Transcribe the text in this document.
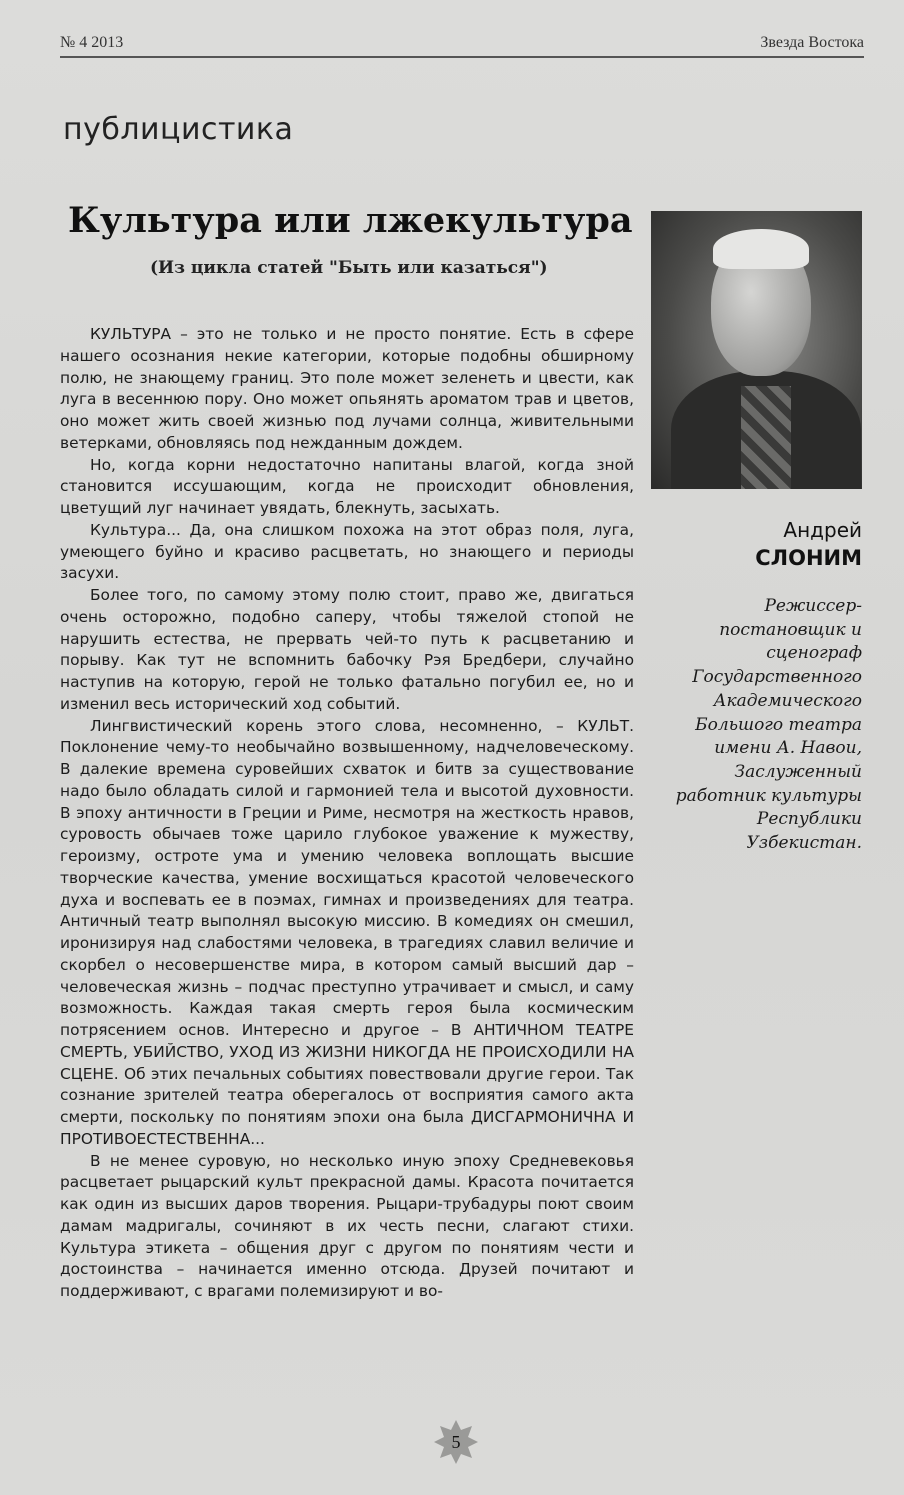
№ 4 2013	Звезда Востока
публицистика
Культура или лжекультура
(Из цикла статей "Быть или казаться")

КУЛЬТУРА – это не только и не просто понятие. Есть в сфере нашего осознания некие категории, которые подобны обширному полю, не знающему границ. Это поле может зеленеть и цвести, как луга в весеннюю пору. Оно может опьянять ароматом трав и цветов, оно может жить своей жизнью под лучами солнца, живительными ветерками, обновляясь под нежданным дождем.

Но, когда корни недостаточно напитаны влагой, когда зной становится иссушающим, когда не происходит обновления, цветущий луг начинает увядать, блекнуть, засыхать.

Культура... Да, она слишком похожа на этот образ поля, луга, умеющего буйно и красиво расцветать, но знающего и периоды засухи.

Более того, по самому этому полю стоит, право же, двигаться очень осторожно, подобно саперу, чтобы тяжелой стопой не нарушить естества, не прервать чей-то путь к расцветанию и порыву. Как тут не вспомнить бабочку Рэя Бредбери, случайно наступив на которую, герой не только фатально погубил ее, но и изменил весь исторический ход событий.

Лингвистический корень этого слова, несомненно, – КУЛЬТ. Поклонение чему-то необычайно возвышенному, надчеловеческому. В далекие времена суровейших схваток и битв за существование надо было обладать силой и гармонией тела и высотой духовности. В эпоху античности в Греции и Риме, несмотря на жесткость нравов, суровость обычаев тоже царило глубокое уважение к мужеству, героизму, остроте ума и умению человека воплощать высшие творческие качества, умение восхищаться красотой человеческого духа и воспевать ее в поэмах, гимнах и произведениях для театра. Античный театр выполнял высокую миссию. В комедиях он смешил, иронизируя над слабостями человека, в трагедиях славил величие и скорбел о несовершенстве мира, в котором самый высший дар – человеческая жизнь – подчас преступно утрачивает и смысл, и саму возможность. Каждая такая смерть героя была космическим потрясением основ. Интересно и другое – В АНТИЧНОМ ТЕАТРЕ СМЕРТЬ, УБИЙСТВО, УХОД ИЗ ЖИЗНИ НИКОГДА НЕ ПРОИСХОДИЛИ НА СЦЕНЕ. Об этих печальных событиях повествовали другие герои. Так сознание зрителей театра оберегалось от восприятия самого акта смерти, поскольку по понятиям эпохи она была ДИСГАРМОНИЧНА И ПРОТИВОЕСТЕСТВЕННА...

В не менее суровую, но несколько иную эпоху Средневековья расцветает рыцарский культ прекрасной дамы. Красота почитается как один из высших даров творения. Рыцари-трубадуры поют своим дамам мадригалы, сочиняют в их честь песни, слагают стихи. Культура этикета – общения друг с другом по понятиям чести и достоинства – начинается именно отсюда. Друзей почитают и поддерживают, с врагами полемизируют и во-

Андрей
СЛОНИМ
Режиссер-постановщик и сценограф Государственного Академического Большого театра имени А. Навои, Заслуженный работник культуры Республики Узбекистан.
5
